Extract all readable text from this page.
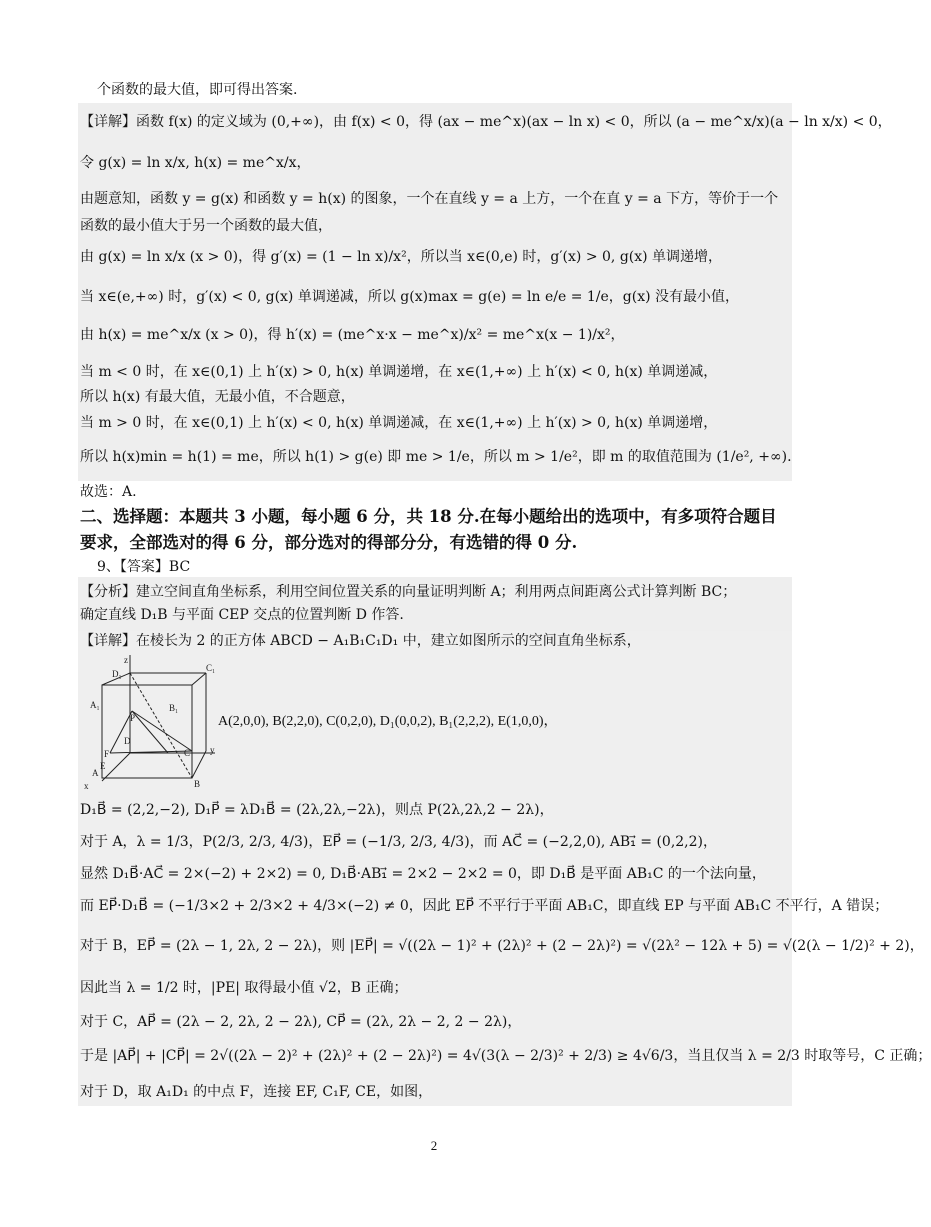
个函数的最大值，即可得出答案.
【详解】函数 f(x) 的定义域为 (0,+∞)，由 f(x) < 0，得 (ax − me^x)(ax − ln x) < 0，所以 (a − me^x/x)(a − ln x/x) < 0，
令 g(x) = ln x/x, h(x) = me^x/x，
由题意知，函数 y = g(x) 和函数 y = h(x) 的图象，一个在直线 y = a 上方，一个在直 y = a 下方，等价于一个
函数的最小值大于另一个函数的最大值，
由 g(x) = ln x/x (x > 0)，得 g′(x) = (1 − ln x)/x²，所以当 x∈(0,e) 时，g′(x) > 0, g(x) 单调递增，
当 x∈(e,+∞) 时，g′(x) < 0, g(x) 单调递减，所以 g(x)max = g(e) = ln e/e = 1/e，g(x) 没有最小值，
由 h(x) = me^x/x (x > 0)，得 h′(x) = (me^x·x − me^x)/x² = me^x(x − 1)/x²，
当 m < 0 时，在 x∈(0,1) 上 h′(x) > 0, h(x) 单调递增，在 x∈(1,+∞) 上 h′(x) < 0, h(x) 单调递减，
所以 h(x) 有最大值，无最小值，不合题意，
当 m > 0 时，在 x∈(0,1) 上 h′(x) < 0, h(x) 单调递减，在 x∈(1,+∞) 上 h′(x) > 0, h(x) 单调递增，
所以 h(x)min = h(1) = me，所以 h(1) > g(e) 即 me > 1/e，所以 m > 1/e²，即 m 的取值范围为 (1/e², +∞).
故选：A.
二、选择题：本题共 3 小题，每小题 6 分，共 18 分.在每小题给出的选项中，有多项符合题目
要求，全部选对的得 6 分，部分选对的得部分分，有选错的得 0 分.
9、【答案】BC
【分析】建立空间直角坐标系，利用空间位置关系的向量证明判断 A；利用两点间距离公式计算判断 BC；
确定直线 D₁B 与平面 CEP 交点的位置判断 D 作答.
【详解】在棱长为 2 的正方体 ABCD − A₁B₁C₁D₁ 中，建立如图所示的空间直角坐标系，
z
D₁
C₁
A₁	B₁
P
D
F	C y
A
B
E
x
A(2,0,0), B(2,2,0), C(0,2,0), D₁(0,0,2), B₁(2,2,2), E(1,0,0)，
D₁B⃗ = (2,2,−2), D₁P⃗ = λD₁B⃗ = (2λ,2λ,−2λ)，则点 P(2λ,2λ,2 − 2λ)，
对于 A，λ = 1/3，P(2/3, 2/3, 4/3)，EP⃗ = (−1/3, 2/3, 4/3)，而 AC⃗ = (−2,2,0), AB₁⃗ = (0,2,2)，
显然 D₁B⃗·AC⃗ = 2×(−2) + 2×2) = 0, D₁B⃗·AB₁⃗ = 2×2 − 2×2 = 0，即 D₁B⃗ 是平面 AB₁C 的一个法向量，
而 EP⃗·D₁B⃗ = (−1/3×2 + 2/3×2 + 4/3×(−2) ≠ 0，因此 EP⃗ 不平行于平面 AB₁C，即直线 EP 与平面 AB₁C 不平行，A 错误；
对于 B，EP⃗ = (2λ − 1, 2λ, 2 − 2λ)，则 |EP⃗| = √((2λ − 1)² + (2λ)² + (2 − 2λ)²) = √(2λ² − 12λ + 5) = √(2(λ − 1/2)² + 2)，
因此当 λ = 1/2 时，|PE| 取得最小值 √2，B 正确；
对于 C，AP⃗ = (2λ − 2, 2λ, 2 − 2λ), CP⃗ = (2λ, 2λ − 2, 2 − 2λ)，
于是 |AP⃗| + |CP⃗| = 2√((2λ − 2)² + (2λ)² + (2 − 2λ)²) = 4√(3(λ − 2/3)² + 2/3) ≥ 4√6/3，当且仅当 λ = 2/3 时取等号，C 正确；
对于 D，取 A₁D₁ 的中点 F，连接 EF, C₁F, CE，如图，
2
